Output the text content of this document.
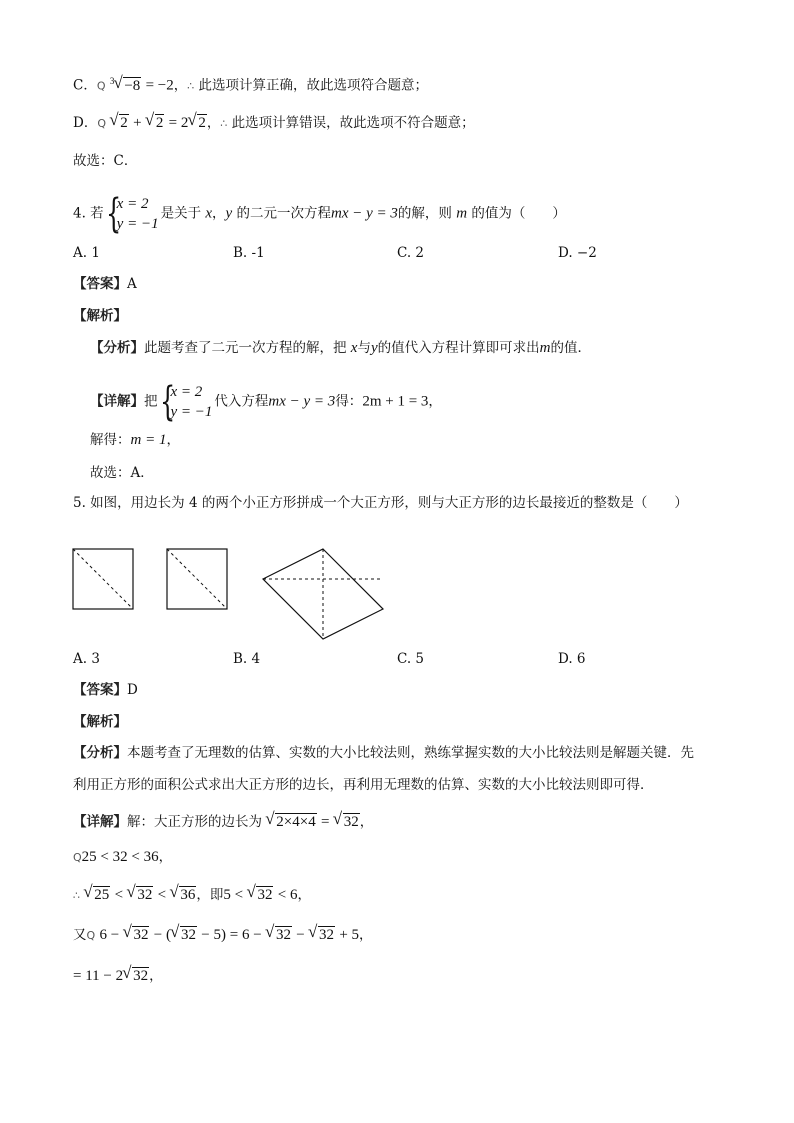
C．Q $^3$ √ −8 = −2，∴ 此选项计算正确，故此选项符合题意；
D．Q √ 2 + √ 2 = 2 √ 2，∴ 此选项计算错误，故此选项不符合题意；
故选：C．
4. 若 {
x = 2
y = −1是关于 x，y 的二元一次方程mx − y = 3的解，则 m 的值为（　　）
A. 1	B. -1	C. 2	D. −2
【答案】A
【解析】
【分析】此题考查了二元一次方程的解，把 x与y的值代入方程计算即可求出m的值．
【详解】把 {
x = 2
y = −1代入方程mx − y = 3得：2m + 1 = 3，
解得：m = 1，
故选：A．
5. 如图，用边长为 4 的两个小正方形拼成一个大正方形，则与大正方形的边长最接近的整数是（　　）
A. 3	B. 4	C. 5	D. 6
【答案】D
【解析】
【分析】本题考查了无理数的估算、实数的大小比较法则，熟练掌握实数的大小比较法则是解题关键．先
利用正方形的面积公式求出大正方形的边长，再利用无理数的估算、实数的大小比较法则即可得．
【详解】解：大正方形的边长为 √ 2×4×4 = √ 32，
Q25 < 32 < 36，
∴ √ 25 < √ 32 < √ 36，即5 < √ 32 < 6，
又Q 6 − √ 32 − ( √ 32 − 5) = 6 − √ 32 − √ 32 + 5，
= 11 − 2 √ 32，
